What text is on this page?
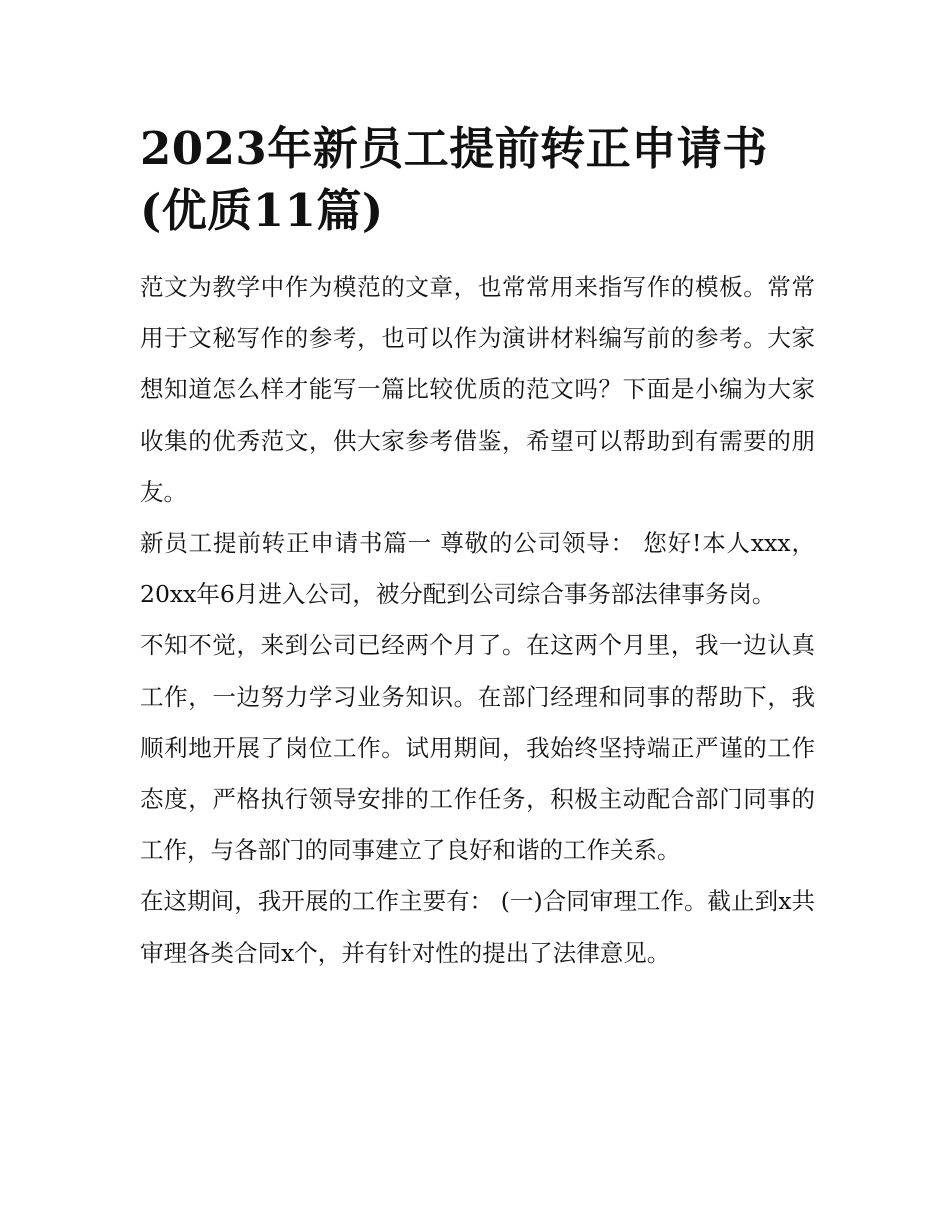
2023年新员工提前转正申请书(优质11篇)

范文为教学中作为模范的文章，也常常用来指写作的模板。常常用于文秘写作的参考，也可以作为演讲材料编写前的参考。大家想知道怎么样才能写一篇比较优质的范文吗？下面是小编为大家收集的优秀范文，供大家参考借鉴，希望可以帮助到有需要的朋友。

新员工提前转正申请书篇一 尊敬的公司领导： 您好!本人xxx，20xx年6月进入公司，被分配到公司综合事务部法律事务岗。

不知不觉，来到公司已经两个月了。在这两个月里，我一边认真工作，一边努力学习业务知识。在部门经理和同事的帮助下，我顺利地开展了岗位工作。试用期间，我始终坚持端正严谨的工作态度，严格执行领导安排的工作任务，积极主动配合部门同事的工作，与各部门的同事建立了良好和谐的工作关系。

在这期间，我开展的工作主要有： (一)合同审理工作。截止到x共审理各类合同x个，并有针对性的提出了法律意见。
